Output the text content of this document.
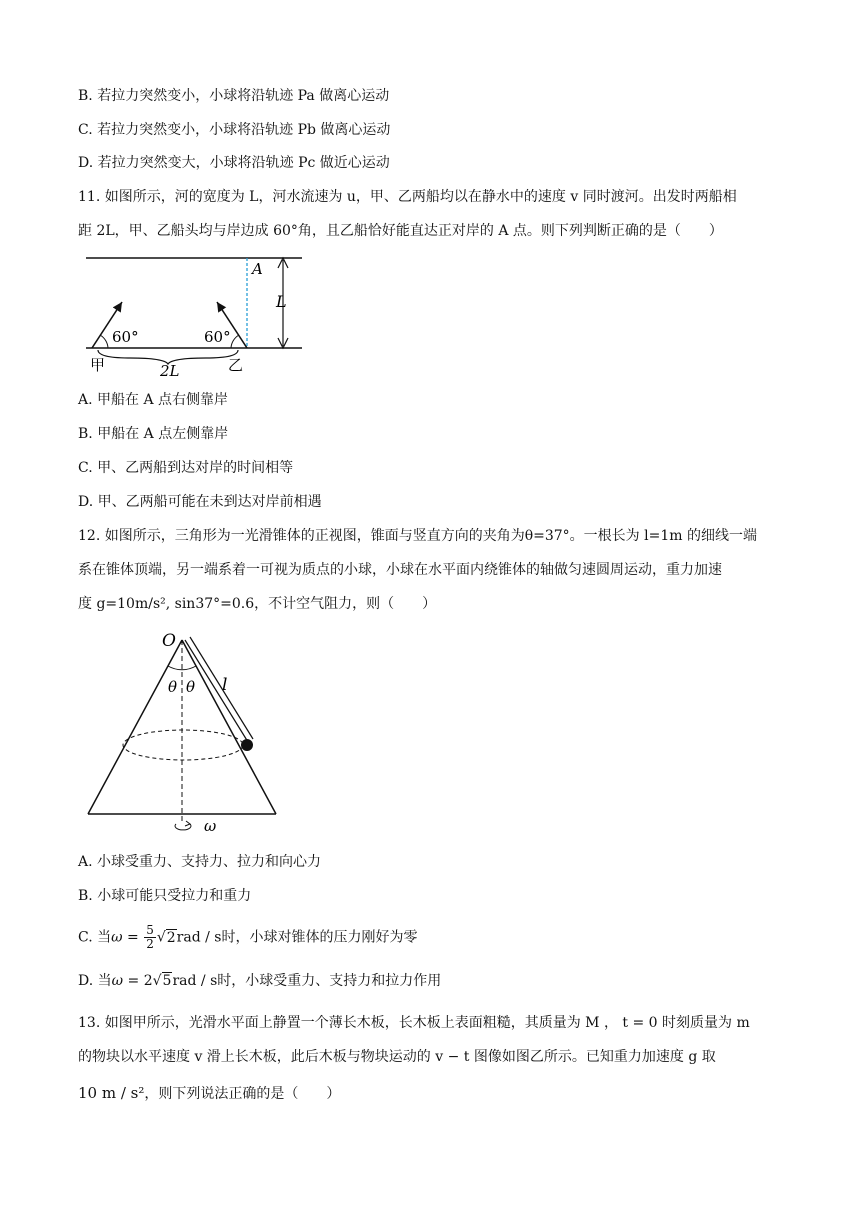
B. 若拉力突然变小，小球将沿轨迹 Pa 做离心运动
C. 若拉力突然变小，小球将沿轨迹 Pb 做离心运动
D. 若拉力突然变大，小球将沿轨迹 Pc 做近心运动
11. 如图所示，河的宽度为 L，河水流速为 u，甲、乙两船均以在静水中的速度 v 同时渡河。出发时两船相
距 2L，甲、乙船头均与岸边成 60°角，且乙船恰好能直达正对岸的 A 点。则下列判断正确的是（　　）
A
L
60°	60°
甲	乙
2L
A. 甲船在 A 点右侧靠岸
B. 甲船在 A 点左侧靠岸
C. 甲、乙两船到达对岸的时间相等
D. 甲、乙两船可能在未到达对岸前相遇
12. 如图所示，三角形为一光滑锥体的正视图，锥面与竖直方向的夹角为θ=37°。一根长为 l=1m 的细线一端
系在锥体顶端，另一端系着一可视为质点的小球，小球在水平面内绕锥体的轴做匀速圆周运动，重力加速
度 g=10m/s², sin37°=0.6，不计空气阻力，则（　　）
O
θ θ l
ω
A. 小球受重力、支持力、拉力和向心力
B. 小球可能只受拉力和重力
C. 当$\omega = \frac{5}{2} √2rad / s$时，小球对锥体的压力刚好为零
D. 当ω = 2√5rad / s时，小球受重力、支持力和拉力作用
13. 如图甲所示，光滑水平面上静置一个薄长木板，长木板上表面粗糙，其质量为 M ， t = 0 时刻质量为 m
的物块以水平速度 v 滑上长木板，此后木板与物块运动的 v − t 图像如图乙所示。已知重力加速度 g 取
10 m / s²，则下列说法正确的是（　　）
